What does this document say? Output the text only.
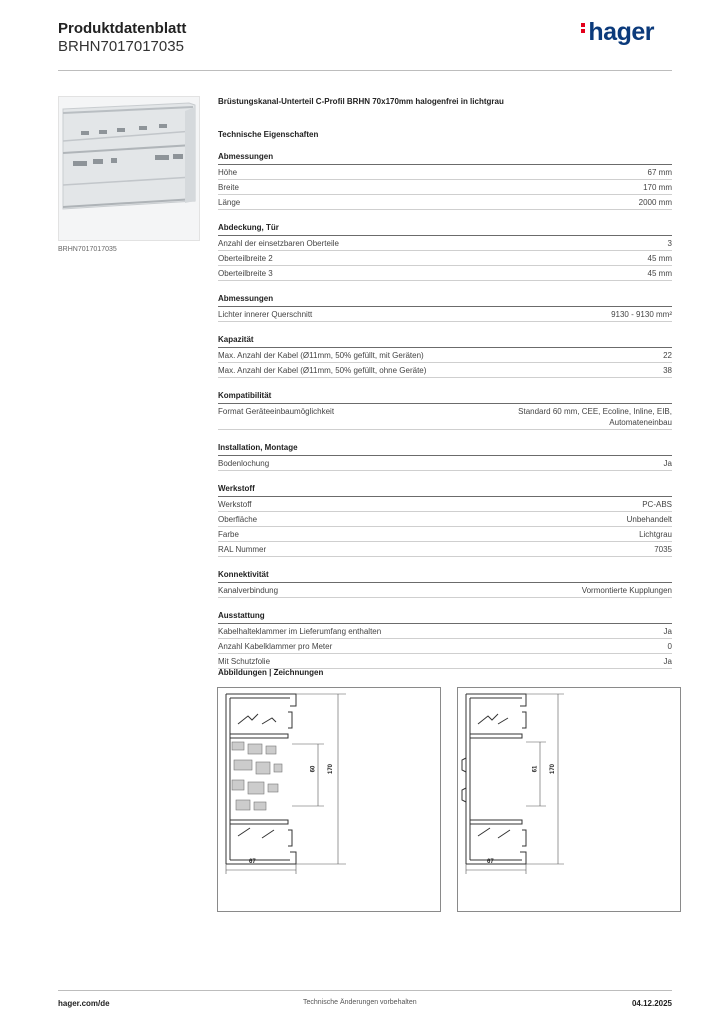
Produktdatenblatt
BRHN7017017035
hager
BRHN7017017035
Brüstungskanal-Unterteil C-Profil BRHN 70x170mm halogenfrei in lichtgrau
Technische Eigenschaften
Abmessungen
Höhe	67 mm
Breite	170 mm
Länge	2000 mm
Abdeckung, Tür
Anzahl der einsetzbaren Oberteile	3
Oberteilbreite 2	45 mm
Oberteilbreite 3	45 mm
Abmessungen
Lichter innerer Querschnitt	9130 - 9130 mm²
Kapazität
Max. Anzahl der Kabel (Ø11mm, 50% gefüllt, mit Geräten)	22
Max. Anzahl der Kabel (Ø11mm, 50% gefüllt, ohne Geräte)	38
Kompatibilität
Format Geräteeinbaumöglichkeit	Standard 60 mm, CEE, Ecoline, Inline, EIB, Automateneinbau
Installation, Montage
Bodenlochung	Ja
Werkstoff
Werkstoff	PC-ABS
Oberfläche	Unbehandelt
Farbe	Lichtgrau
RAL Nummer	7035
Konnektivität
Kanalverbindung	Vormontierte Kupplungen
Ausstattung
Kabelhalteklammer im Lieferumfang enthalten	Ja
Anzahl Kabelklammer pro Meter	0
Mit Schutzfolie	Ja
Abbildungen | Zeichnungen
67
60 170
67
61 170
hager.com/de	Technische Änderungen vorbehalten	04.12.2025
